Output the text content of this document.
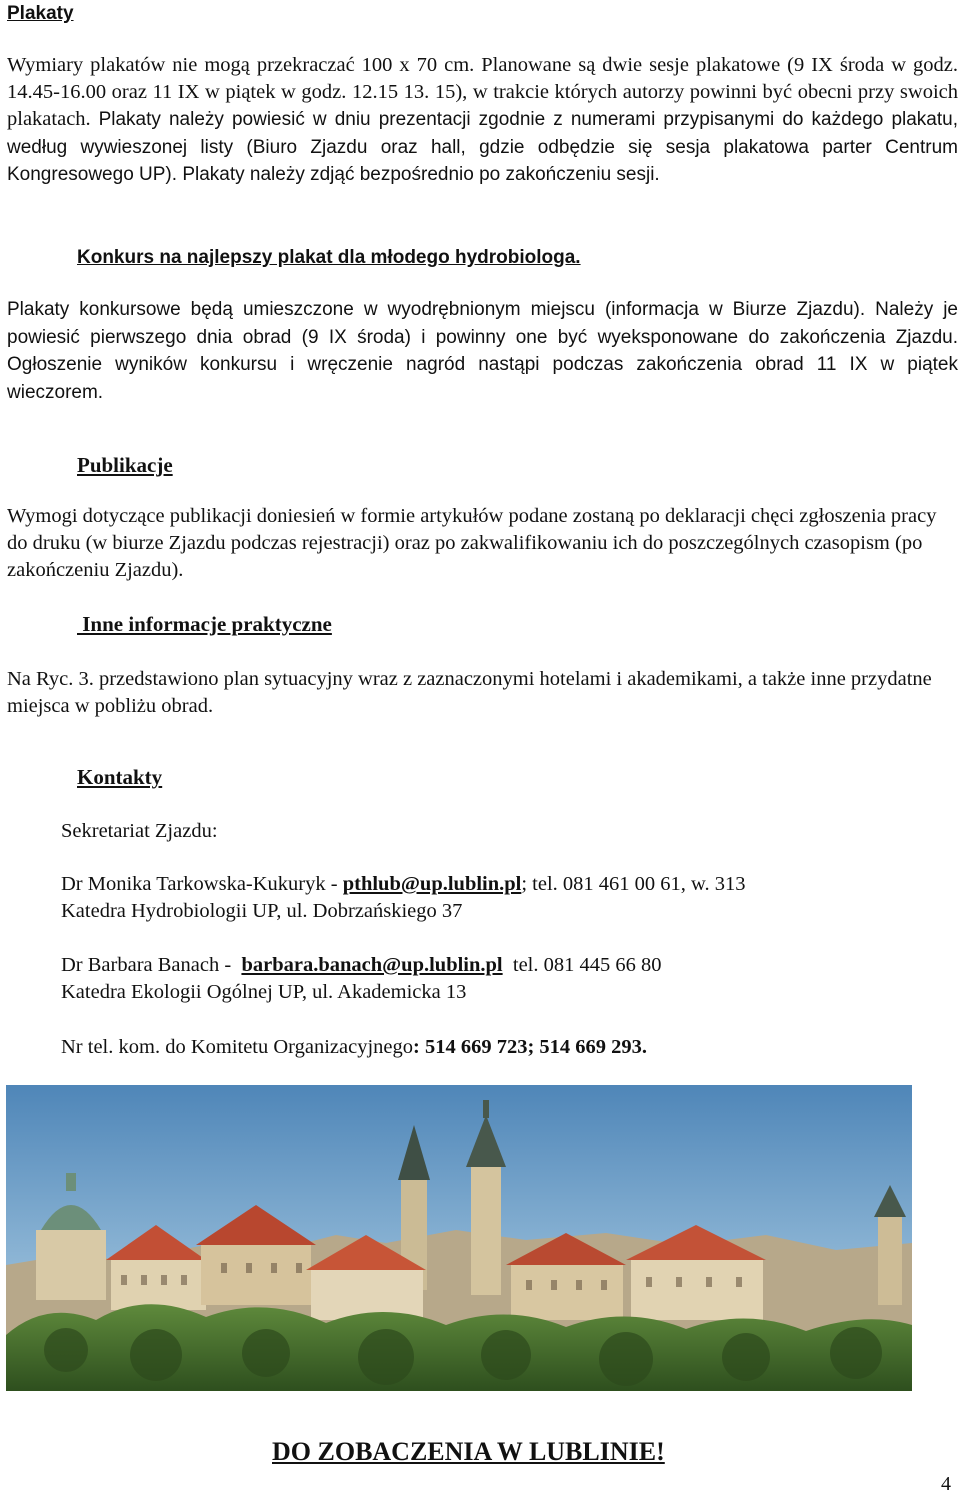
Plakaty
Wymiary plakatów nie mogą przekraczać 100 x 70 cm. Planowane są dwie sesje plakatowe (9 IX środa w godz. 14.45-16.00 oraz 11 IX w piątek w godz. 12.15 13. 15), w trakcie których autorzy powinni być obecni przy swoich plakatach. Plakaty należy powiesić w dniu prezentacji zgodnie z numerami przypisanymi do każdego plakatu, według wywieszonej listy (Biuro Zjazdu oraz hall, gdzie odbędzie się sesja plakatowa parter Centrum Kongresowego UP). Plakaty należy zdjąć bezpośrednio po zakończeniu sesji.
Konkurs na najlepszy plakat dla młodego hydrobiologa.
Plakaty konkursowe będą umieszczone w wyodrębnionym miejscu (informacja w Biurze Zjazdu). Należy je powiesić pierwszego dnia obrad (9 IX środa) i powinny one być wyeksponowane do zakończenia Zjazdu. Ogłoszenie wyników konkursu i wręczenie nagród nastąpi podczas zakończenia obrad 11 IX w piątek wieczorem.
Publikacje
Wymogi dotyczące publikacji doniesień w formie artykułów podane zostaną po deklaracji chęci zgłoszenia pracy do druku (w biurze Zjazdu podczas rejestracji) oraz po zakwalifikowaniu ich do poszczególnych czasopism (po zakończeniu Zjazdu).
Inne informacje praktyczne
Na Ryc. 3. przedstawiono plan sytuacyjny wraz z zaznaczonymi hotelami i akademikami, a także inne przydatne miejsca w pobliżu obrad.
Kontakty
Sekretariat Zjazdu:
Dr Monika Tarkowska-Kukuryk - pthlub@up.lublin.pl; tel. 081 461 00 61, w. 313
Katedra Hydrobiologii UP, ul. Dobrzańskiego 37
Dr Barbara Banach -  barbara.banach@up.lublin.pl  tel. 081 445 66 80
Katedra Ekologii Ogólnej UP, ul. Akademicka 13
Nr tel. kom. do Komitetu Organizacyjnego: 514 669 723; 514 669 293.
DO ZOBACZENIA W LUBLINIE!
4
